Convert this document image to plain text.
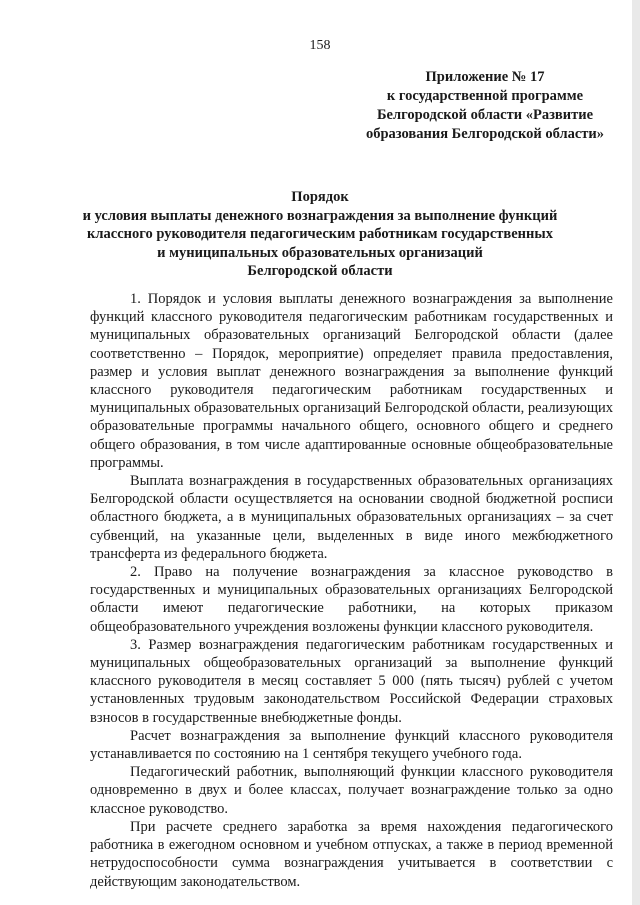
158
Приложение № 17
к государственной программе
Белгородской области «Развитие
образования Белгородской области»
Порядок
и условия выплаты денежного вознаграждения за выполнение функций
классного руководителя педагогическим работникам государственных
и муниципальных образовательных организаций
Белгородской области

1. Порядок и условия выплаты денежного вознаграждения за выполнение функций классного руководителя педагогическим работникам государственных и муниципальных образовательных организаций Белгородской области (далее соответственно – Порядок, мероприятие) определяет правила предоставления, размер и условия выплат денежного вознаграждения за выполнение функций классного руководителя педагогическим работникам государственных и муниципальных образовательных организаций Белгородской области, реализующих образовательные программы начального общего, основного общего и среднего общего образования, в том числе адаптированные основные общеобразовательные программы.

Выплата вознаграждения в государственных образовательных организациях Белгородской области осуществляется на основании сводной бюджетной росписи областного бюджета, а в муниципальных образовательных организациях – за счет субвенций, на указанные цели, выделенных в виде иного межбюджетного трансферта из федерального бюджета.

2. Право на получение вознаграждения за классное руководство в государственных и муниципальных образовательных организациях Белгородской области имеют педагогические работники, на которых приказом общеобразовательного учреждения возложены функции классного руководителя.

3. Размер вознаграждения педагогическим работникам государственных и муниципальных общеобразовательных организаций за выполнение функций классного руководителя в месяц составляет 5 000 (пять тысяч) рублей с учетом установленных трудовым законодательством Российской Федерации страховых взносов в государственные внебюджетные фонды.

Расчет вознаграждения за выполнение функций классного руководителя устанавливается по состоянию на 1 сентября текущего учебного года.

Педагогический работник, выполняющий функции классного руководителя одновременно в двух и более классах, получает вознаграждение только за одно классное руководство.

При расчете среднего заработка за время нахождения педагогического работника в ежегодном основном и учебном отпусках, а также в период временной нетрудоспособности сумма вознаграждения учитывается в соответствии с действующим законодательством.
